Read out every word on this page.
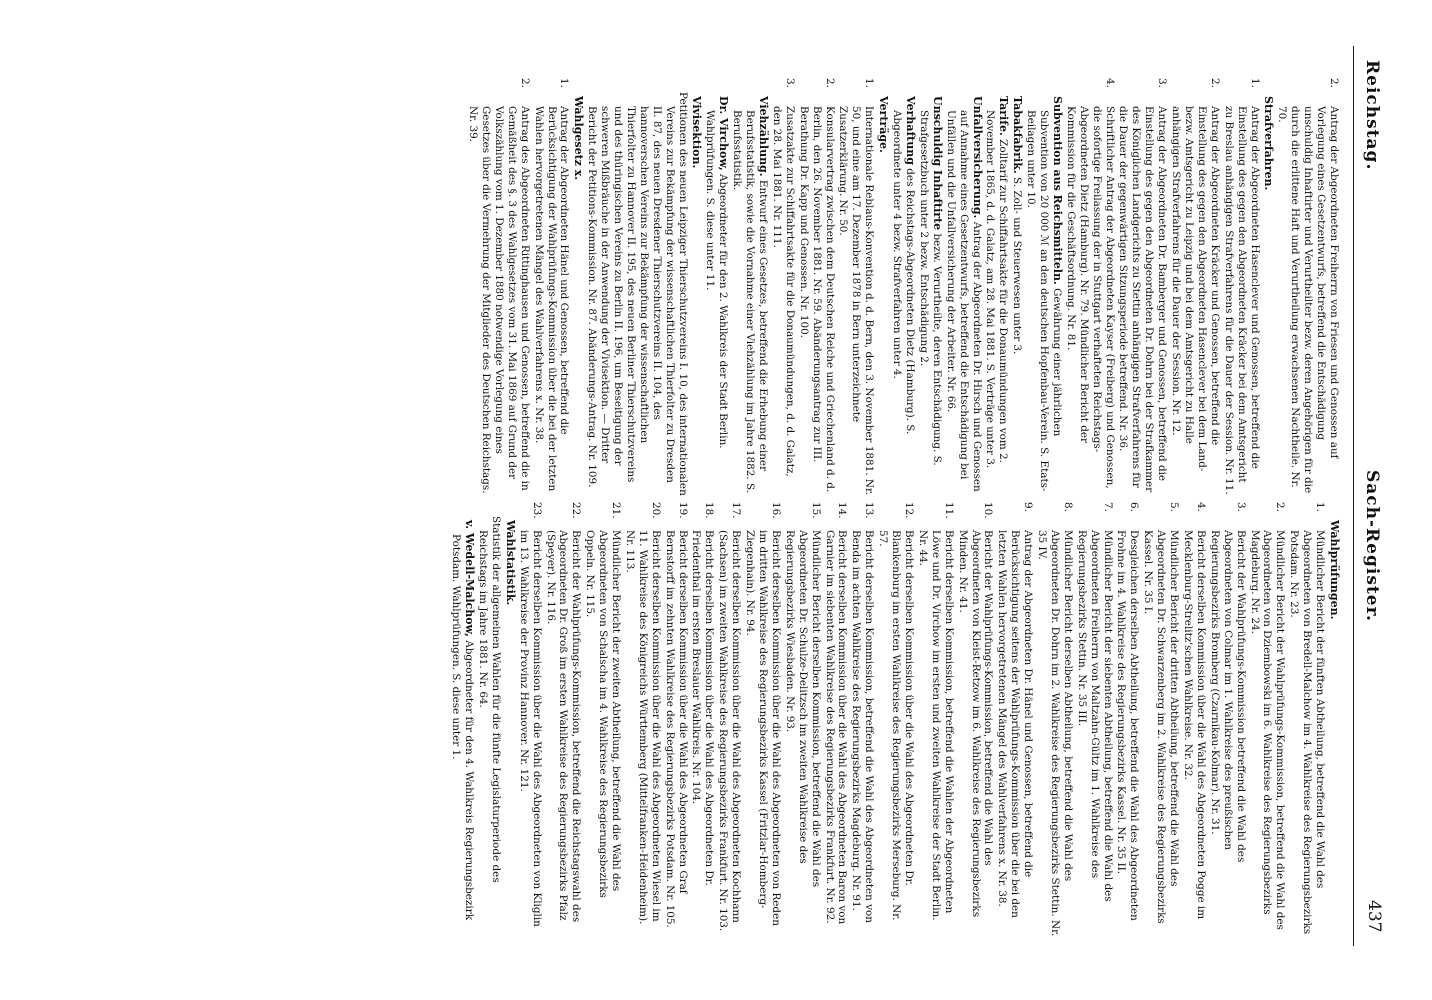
Reichstag.
Sach-Register.
437
2.Antrag der Abgeordneten Freiherrn von Friesen und Genossen auf Vorlegung eines Gesetzentwurfs, betreffend die Entschädigung unschuldig Inhaftirter und Verurtheilter bezw. deren Angehörigen für die durch die erlittene Haft und Verurtheilung erwachsenen Nachtheile. Nr. 70.
Strafverfahren.
1.Antrag der Abgeordneten Hasenclever und Genossen, betreffend die Einstellung des gegen den Abgeordneten Kräcker bei dem Amtsgericht zu Breslau anhängigen Strafverfahrens für die Dauer der Session. Nr. 11.
2.Antrag der Abgeordneten Kräcker und Genossen, betreffend die Einstellung des gegen den Abgeordneten Hasenclever bei dem Land- bezw. Amtsgericht zu Leipzig und bei dem Amtsgericht zu Halle anhängigen Strafverfahrens für die Dauer der Session. Nr. 12.
3.Antrag der Abgeordneten Dr. Bamberger und Genossen, betreffend die Einstellung des gegen den Abgeordneten Dr. Dohrn bei der Strafkammer des Königlichen Landgerichts zu Stettin anhängigen Strafverfahrens für die Dauer der gegenwärtigen Sitzungsperiode betreffend. Nr. 36.
4.Schriftlicher Antrag der Abgeordneten Kayser (Freiberg) und Genossen, die sofortige Freilassung der in Stuttgart verhafteten Reichstags-Abgeordneten Dietz (Hamburg). Nr. 79. Mündlicher Bericht der Kommission für die Geschäftsordnung. Nr. 81.
Subvention aus Reichsmitteln. Gewährung einer jährlichen Subvention von 20 000 ℳ an den deutschen Hopfenbau-Verein. S. Etats-Beilagen unter 10.
Tabakfabrik. S. Zoll- und Steuerwesen unter 3.
Tarife. Zolltarif zur Schiffahrtsakte für die Donaumündungen vom 2. November 1865, d. d. Galatz, am 28. Mai 1881. S. Verträge unter 3.
Unfallversicherung. Antrag der Abgeordneten Dr. Hirsch und Genossen auf Annahme eines Gesetzentwurfs, betreffend die Entschädigung bei Unfällen und die Unfallversicherung der Arbeiter. Nr. 66.
Unschuldig Inhaftirte bezw. Verurtheilte, deren Entschädigung. S. Strafgesetzbuch unter 2 bezw. Entschädigung 2.
Verhaftung des Reichstags-Abgeordneten Dietz (Hamburg). S. Abgeordnete unter 4 bezw. Strafverfahren unter 4.
Verträge.
1.Internationale Reblaus-Konvention d. d. Bern, den 3. November 1881. Nr. 50, und eine am 17. Dezember 1878 in Bern unterzeichnete Zusatzerklärung. Nr. 50.
2.Konsularvertrag zwischen dem Deutschen Reiche und Griechenland d. d. Berlin, den 26. November 1881. Nr. 59. Abänderungsantrag zur III. Berathung Dr. Kapp und Genossen. Nr. 100.
3.Zusatzakte zur Schiffahrtsakte für die Donaumündungen, d. d. Galatz, den 28. Mai 1881. Nr. 111.
Viehzählung. Entwurf eines Gesetzes, betreffend die Erhebung einer Berufsstatistik, sowie die Vornahme einer Viehzählung im Jahre 1882. S. Berufsstatistik.
Dr. Virchow, Abgeordneter für den 2. Wahlkreis der Stadt Berlin. Wahlprüfungen. S. diese unter 11.
Vivisektion.
Petitionen des neuen Leipziger Thierschutzvereins I. 10, des internationalen Vereins zur Bekämpfung der wissenschaftlichen Thierfolter zu Dresden II. 87, des neuen Dresdener Thierschutzvereins II. 104, des hannoverschen Vereins zur Bekämpfung der wissenschaftlichen Thierfolter zu Hannover II. 195, des neuen Berliner Thierschutzvereins und des thüringischen Vereins zu Berlin II. 196, um Beseitigung der schweren Mißbräuche in der Anwendung der Vivisektion. — Dritter Bericht der Petitions-Kommission. Nr. 87. Abänderungs-Antrag. Nr. 109.
Wahlgesetz x.
1.Antrag der Abgeordneten Hänel und Genossen, betreffend die Berücksichtigung der Wahlprüfungs-Kommission über die bei der letzten Wahlen hervorgetretenen Mängel des Wahlverfahrens x. Nr. 38.
2.Antrag des Abgeordneten Rittinghausen und Genossen, betreffend die in Gemäßheit des §. 3 des Wahlgesetzes vom 31. Mai 1869 auf Grund der Volkszählung vom 1. Dezember 1880 notwendige Vorlegung eines Gesetzes über die Vermehrung der Mitglieder des Deutschen Reichstags. Nr. 39.
Wahlprüfungen.
1.Mündlicher Bericht der fünften Abtheilung, betreffend die Wahl des Abgeordneten von Bredell-Malchow im 4. Wahlkreise des Regierungsbezirks Potsdam. Nr. 23.
2.Mündlicher Bericht der Wahlprüfungs-Kommission, betreffend die Wahl des Abgeordneten von Dziembowski im 6. Wahlkreise des Regierungsbezirks Magdeburg. Nr. 24.
3.Bericht der Wahlprüfungs-Kommission betreffend die Wahl des Abgeordneten von Colmar im 1. Wahlkreise des preußischen Regierungsbezirks Bromberg (Czarnikau-Kolmar). Nr. 31.
4.Bericht derselben Kommission über die Wahl des Abgeordneten Pogge im Mecklenburg-Strelitz'schen Wahlkreise. Nr. 32.
5.Mündlicher Bericht der dritten Abtheilung, betreffend die Wahl des Abgeordneten Dr. Schwarzenberg im 2. Wahlkreise des Regierungsbezirks Kassel. Nr. 35 I.
6.Desgleichen derselben Abtheilung, betreffend die Wahl des Abgeordneten Frohne im 4. Wahlkreise des Regierungsbezirks Kassel. Nr. 35 II.
7.Mündlicher Bericht der siebenten Abtheilung, betreffend die Wahl des Abgeordneten Freiherrn von Maltzahn-Gültz im 1. Wahlkreise des Regierungsbezirks Stettin. Nr. 35 III.
8.Mündlicher Bericht derselben Abtheilung, betreffend die Wahl des Abgeordneten Dr. Dohrn im 2. Wahlkreise des Regierungsbezirks Stettin. Nr. 35 IV.
9.Antrag der Abgeordneten Dr. Hänel und Genossen, betreffend die Berücksichtigung seitens der Wahlprüfungs-Kommission über die bei den letzten Wahlen hervorgetretenen Mängel des Wahlverfahrens x. Nr. 38.
10.Bericht der Wahlprüfungs-Kommission, betreffend die Wahl des Abgeordneten von Kleist-Retzow im 6. Wahlkreise des Regierungsbezirks Minden. Nr. 41.
11.Bericht derselben Kommission, betreffend die Wahlen der Abgeordneten Löwe und Dr. Virchow im ersten und zweiten Wahlkreise der Stadt Berlin. Nr. 44.
12.Bericht derselben Kommission über die Wahl des Abgeordneten Dr. Blankenburg im ersten Wahlkreise des Regierungsbezirks Merseburg. Nr. 57.
13.Bericht derselben Kommission, betreffend die Wahl des Abgeordneten von Benda im achten Wahlkreise des Regierungsbezirks Magdeburg. Nr. 91.
14.Bericht derselben Kommission über die Wahl des Abgeordneten Baron von Garnier im siebenten Wahlkreise des Regierungsbezirks Frankfurt. Nr. 92.
15.Mündlicher Bericht derselben Kommission, betreffend die Wahl des Abgeordneten Dr. Schulze-Delitzsch im zweiten Wahlkreise des Regierungsbezirks Wiesbaden. Nr. 93.
16.Bericht derselben Kommission über die Wahl des Abgeordneten von Reden im dritten Wahlkreise des Regierungsbezirks Kassel (Fritzlar-Homberg-Ziegenhain). Nr. 94.
17.Bericht derselben Kommission über die Wahl des Abgeordneten Kochhann (Sachsen) im zweiten Wahlkreise des Regierungsbezirks Frankfurt. Nr. 103.
18.Bericht derselben Kommission über die Wahl des Abgeordneten Dr. Friedenthal im ersten Breslauer Wahlkreis. Nr. 104.
19.Bericht derselben Kommission über die Wahl des Abgeordneten Graf Bernstorff im zehnten Wahlkreise des Regierungsbezirks Potsdam. Nr. 105.
20.Bericht derselben Kommission über die Wahl des Abgeordneten Wiesel im 11. Wahlkreise des Königreichs Württemberg (Mittelfranken-Heidenheim). Nr. 113.
21.Mündlicher Bericht der zweiten Abtheilung, betreffend die Wahl des Abgeordneten von Schalscha im 4. Wahlkreise des Regierungsbezirks Oppeln. Nr. 115.
22.Bericht der Wahlprüfungs-Kommission, betreffend die Reichstagswahl des Abgeordneten Dr. Groß im ersten Wahlkreise des Regierungsbezirks Pfalz (Speyer). Nr. 116.
23.Bericht derselben Kommission über die Wahl des Abgeordneten von Kliglin im 13. Wahlkreise der Provinz Hannover. Nr. 121.
Wahlstatistik.
Statistik der allgemeinen Wahlen für die fünfte Legislaturperiode des Reichstags im Jahre 1881. Nr. 64.
v. Wedell-Malchow, Abgeordneter für den 4. Wahlkreis Regierungsbezirk Potsdam. Wahlprüfungen. S. diese unter 1.
